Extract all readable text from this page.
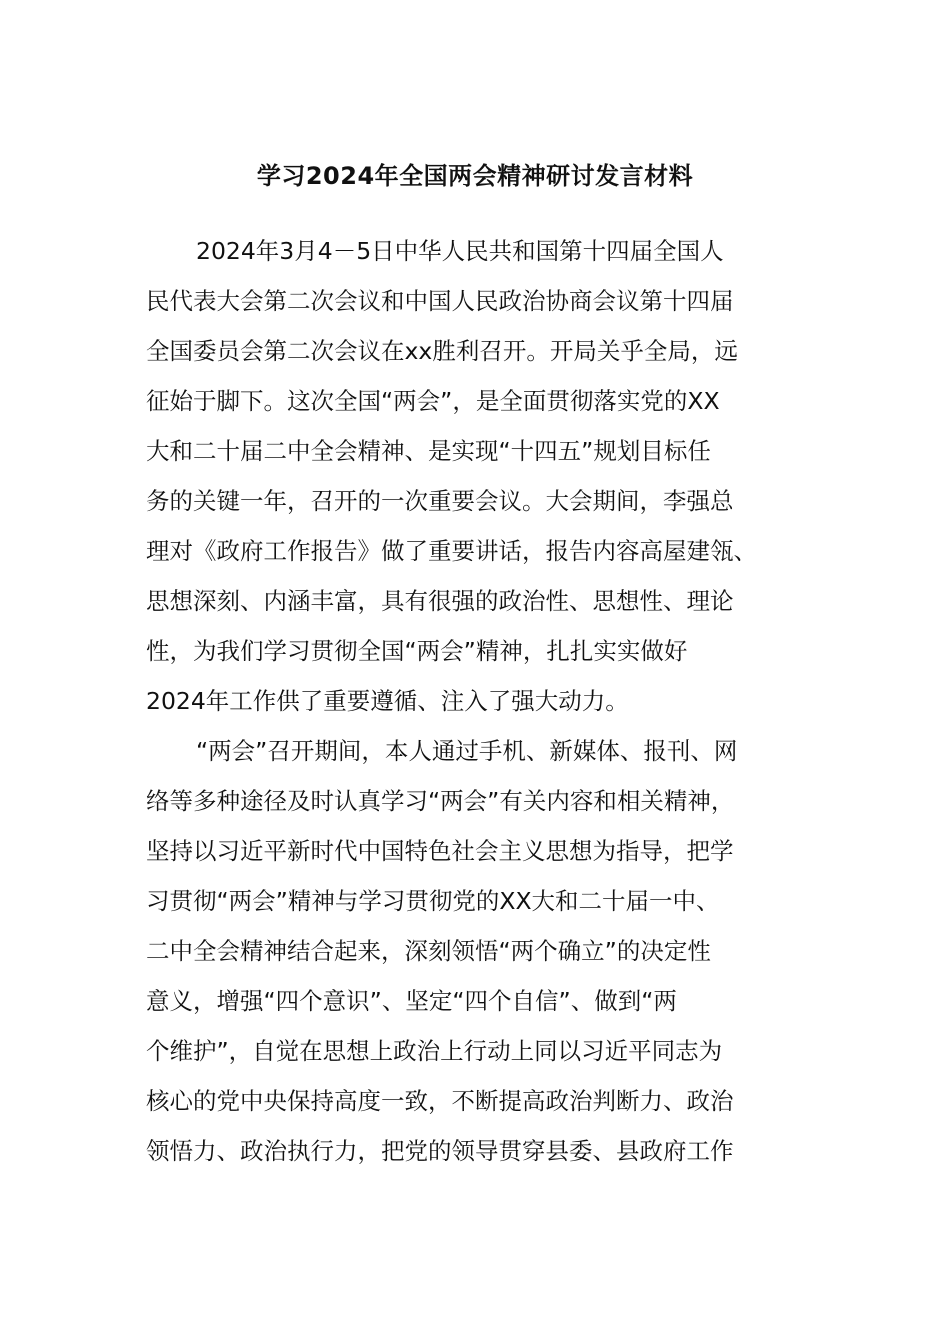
学习2024年全国两会精神研讨发言材料
2024年3月4－5日中华人民共和国第十四届全国人
民代表大会第二次会议和中国人民政治协商会议第十四届
全国委员会第二次会议在xx胜利召开。开局关乎全局，远
征始于脚下。这次全国“两会”，是全面贯彻落实党的XX
大和二十届二中全会精神、是实现“十四五”规划目标任
务的关键一年，召开的一次重要会议。大会期间，李强总
理对《政府工作报告》做了重要讲话，报告内容高屋建瓴、
思想深刻、内涵丰富，具有很强的政治性、思想性、理论
性，为我们学习贯彻全国“两会”精神，扎扎实实做好
2024年工作供了重要遵循、注入了强大动力。
“两会”召开期间，本人通过手机、新媒体、报刊、网
络等多种途径及时认真学习“两会”有关内容和相关精神，
坚持以习近平新时代中国特色社会主义思想为指导，把学
习贯彻“两会”精神与学习贯彻党的XX大和二十届一中、
二中全会精神结合起来，深刻领悟“两个确立”的决定性
意义，增强“四个意识”、坚定“四个自信”、做到“两
个维护”，自觉在思想上政治上行动上同以习近平同志为
核心的党中央保持高度一致，不断提高政治判断力、政治
领悟力、政治执行力，把党的领导贯穿县委、县政府工作
